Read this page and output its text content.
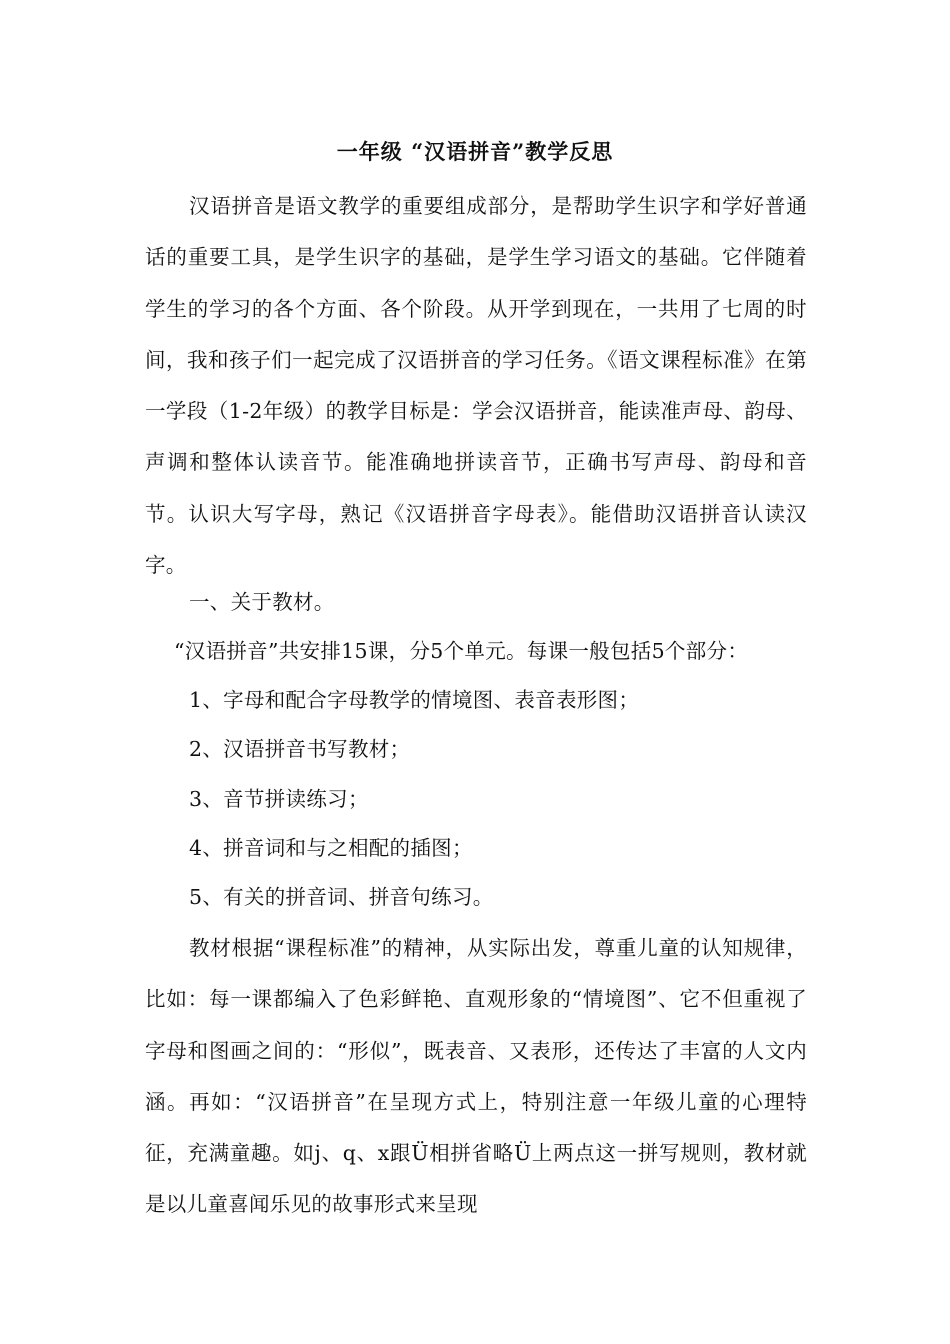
一年级 “汉语拼音”教学反思
汉语拼音是语文教学的重要组成部分，是帮助学生识字和学好普通话的重要工具，是学生识字的基础，是学生学习语文的基础。它伴随着学生的学习的各个方面、各个阶段。从开学到现在，一共用了七周的时间，我和孩子们一起完成了汉语拼音的学习任务。《语文课程标准》在第一学段（1-2年级）的教学目标是：学会汉语拼音，能读准声母、韵母、声调和整体认读音节。能准确地拼读音节，正确书写声母、韵母和音节。认识大写字母，熟记《汉语拼音字母表》。能借助汉语拼音认读汉字。
一、关于教材。
“汉语拼音”共安排15课，分5个单元。每课一般包括5个部分：
1、字母和配合字母教学的情境图、表音表形图；
2、汉语拼音书写教材；
3、音节拼读练习；
4、拼音词和与之相配的插图；
5、有关的拼音词、拼音句练习。
教材根据“课程标准”的精神，从实际出发，尊重儿童的认知规律，比如：每一课都编入了色彩鲜艳、直观形象的“情境图”、它不但重视了字母和图画之间的：“形似”，既表音、又表形，还传达了丰富的人文内涵。再如：“汉语拼音”在呈现方式上，特别注意一年级儿童的心理特征，充满童趣。如j、q、x跟Ü相拼省略Ü上两点这一拼写规则，教材就是以儿童喜闻乐见的故事形式来呈现
